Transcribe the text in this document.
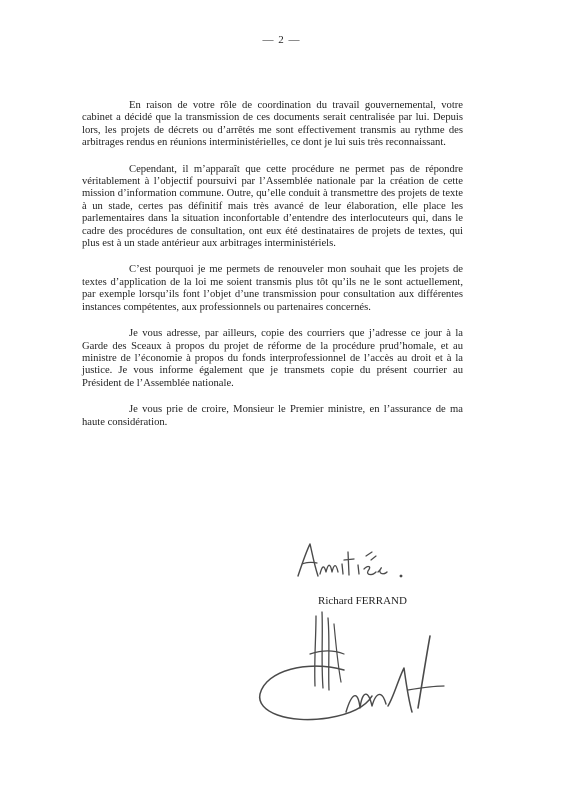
— 2 —

En raison de votre rôle de coordination du travail gouvernemental, votre cabinet a décidé que la transmission de ces documents serait centralisée par lui. Depuis lors, les projets de décrets ou d’arrêtés me sont effectivement transmis au rythme des arbitrages rendus en réunions interministérielles, ce dont je lui suis très reconnaissant.

Cependant, il m’apparaît que cette procédure ne permet pas de répondre véritablement à l’objectif poursuivi par l’Assemblée nationale par la création de cette mission d’information commune. Outre, qu’elle conduit à transmettre des projets de texte à un stade, certes pas définitif mais très avancé de leur élaboration, elle place les parlementaires dans la situation inconfortable d’entendre des interlocuteurs qui, dans le cadre des procédures de consultation, ont eux été destinataires de projets de textes, qui plus est à un stade antérieur aux arbitrages interministériels.

C’est pourquoi je me permets de renouveler mon souhait que les projets de textes d’application de la loi me soient transmis plus tôt qu’ils ne le sont actuellement, par exemple lorsqu’ils font l’objet d’une transmission pour consultation aux différentes instances compétentes, aux professionnels ou partenaires concernés.

Je vous adresse, par ailleurs, copie des courriers que j’adresse ce jour à la Garde des Sceaux à propos du projet de réforme de la procédure prud’homale, et au ministre de l’économie à propos du fonds interprofessionnel de l’accès au droit et à la justice. Je vous informe également que je transmets copie du présent courrier au Président de l’Assemblée nationale.

Je vous prie de croire, Monsieur le Premier ministre, en l’assurance de ma haute considération.

Richard FERRAND
